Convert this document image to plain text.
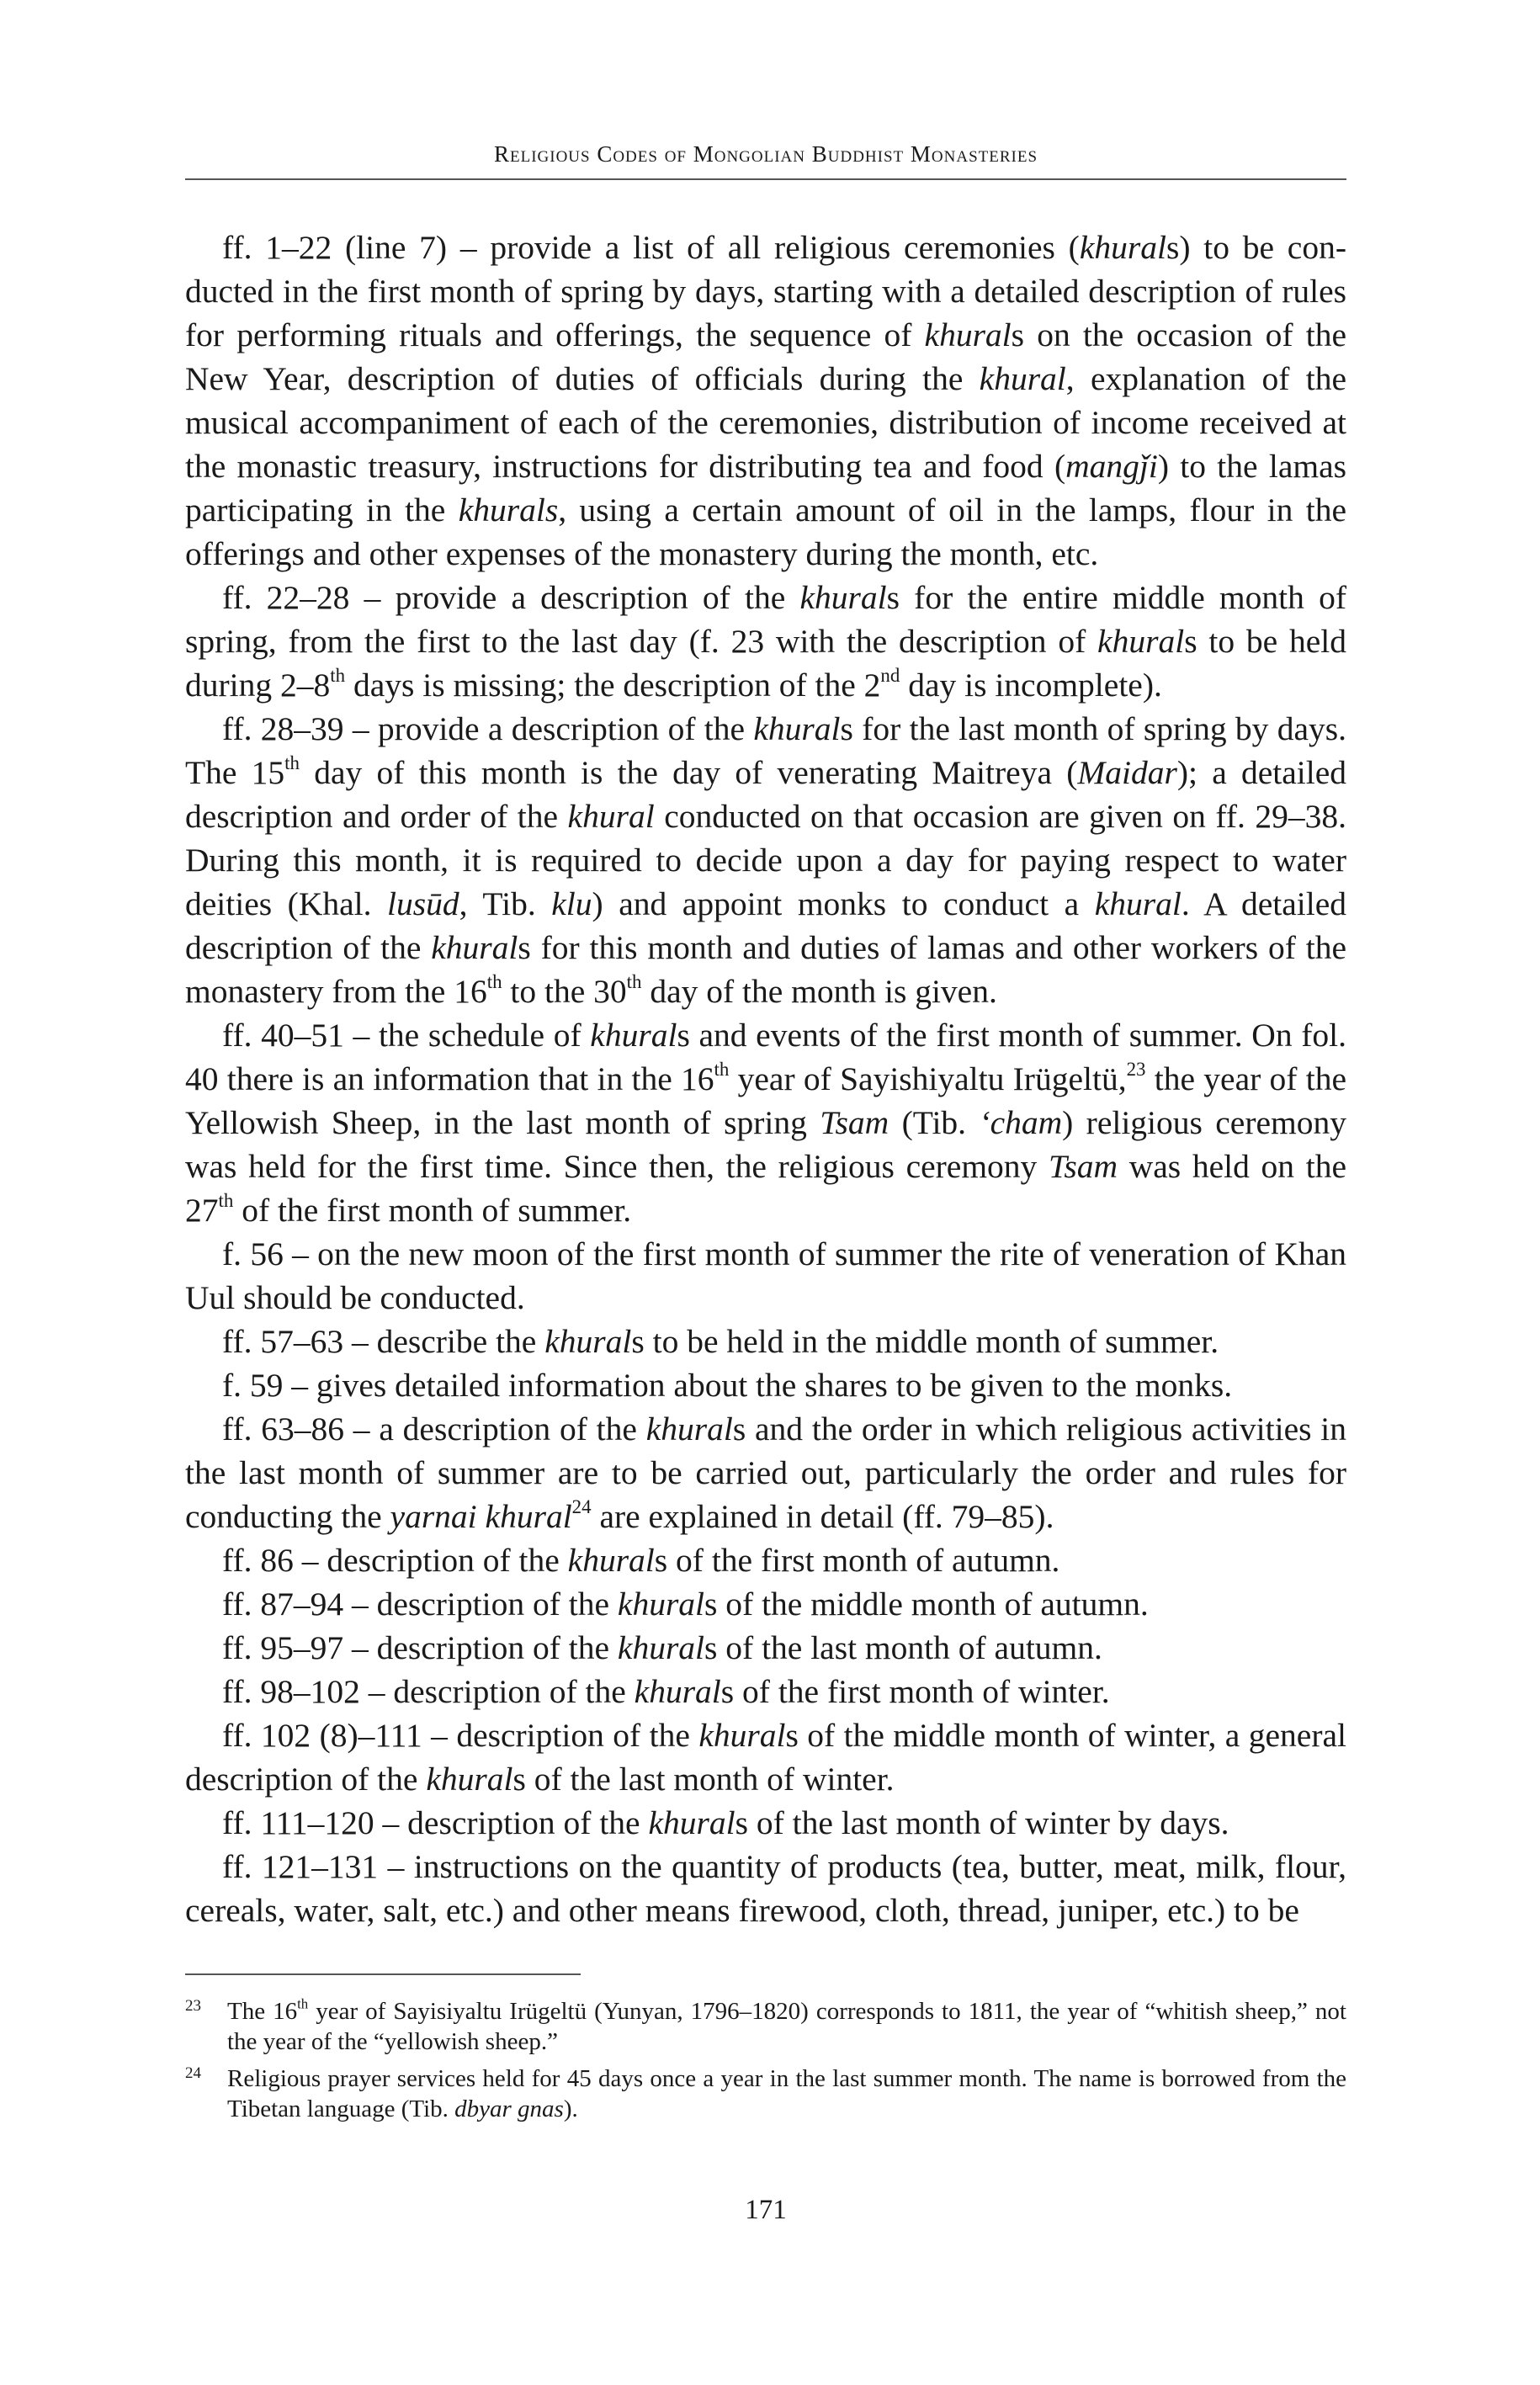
Religious Codes of Mongolian Buddhist Monasteries

ff. 1–22 (line 7) – provide a list of all religious ceremonies (khurals) to be conducted in the first month of spring by days, starting with a detailed description of rules for performing rituals and offerings, the sequence of khurals on the occasion of the New Year, description of duties of officials during the khural, explanation of the musical accompaniment of each of the ceremonies, distribution of income received at the monastic treasury, instructions for distributing tea and food (mangǰi) to the lamas participating in the khurals, using a certain amount of oil in the lamps, flour in the offerings and other expenses of the monastery during the month, etc.

ff. 22–28 – provide a description of the khurals for the entire middle month of spring, from the first to the last day (f. 23 with the description of khurals to be held during 2–8th days is missing; the description of the 2nd day is incomplete).

ff. 28–39 – provide a description of the khurals for the last month of spring by days. The 15th day of this month is the day of venerating Maitreya (Maidar); a detailed description and order of the khural conducted on that occasion are given on ff. 29–38. During this month, it is required to decide upon a day for paying respect to water deities (Khal. lusūd, Tib. klu) and appoint monks to conduct a khural. A detailed description of the khurals for this month and duties of lamas and other workers of the monastery from the 16th to the 30th day of the month is given.

ff. 40–51 – the schedule of khurals and events of the first month of summer. On fol. 40 there is an information that in the 16th year of Sayishiyaltu Irügeltü,$^{23}$ the year of the Yellowish Sheep, in the last month of spring Tsam (Tib. ‘cham) religious ceremony was held for the first time. Since then, the religious ceremony Tsam was held on the 27th of the first month of summer.

f. 56 – on the new moon of the first month of summer the rite of veneration of Khan Uul should be conducted.

ff. 57–63 – describe the khurals to be held in the middle month of summer.

f. 59 – gives detailed information about the shares to be given to the monks.

ff. 63–86 – a description of the khurals and the order in which religious activities in the last month of summer are to be carried out, particularly the order and rules for conducting the yarnai khural$^{24}$ are explained in detail (ff. 79–85).

ff. 86 – description of the khurals of the first month of autumn.

ff. 87–94 – description of the khurals of the middle month of autumn.

ff. 95–97 – description of the khurals of the last month of autumn.

ff. 98–102 – description of the khurals of the first month of winter.

ff. 102 (8)–111 – description of the khurals of the middle month of winter, a general description of the khurals of the last month of winter.

ff. 111–120 – description of the khurals of the last month of winter by days.

ff. 121–131 – instructions on the quantity of products (tea, butter, meat, milk, flour, cereals, water, salt, etc.) and other means firewood, cloth, thread, juniper, etc.) to be

23 The 16th year of Sayisiyaltu Irügeltü (Yunyan, 1796–1820) corresponds to 1811, the year of “whitish sheep,” not the year of the “yellowish sheep.”
24 Religious prayer services held for 45 days once a year in the last summer month. The name is borrowed from the Tibetan language (Tib. dbyar gnas).
171
